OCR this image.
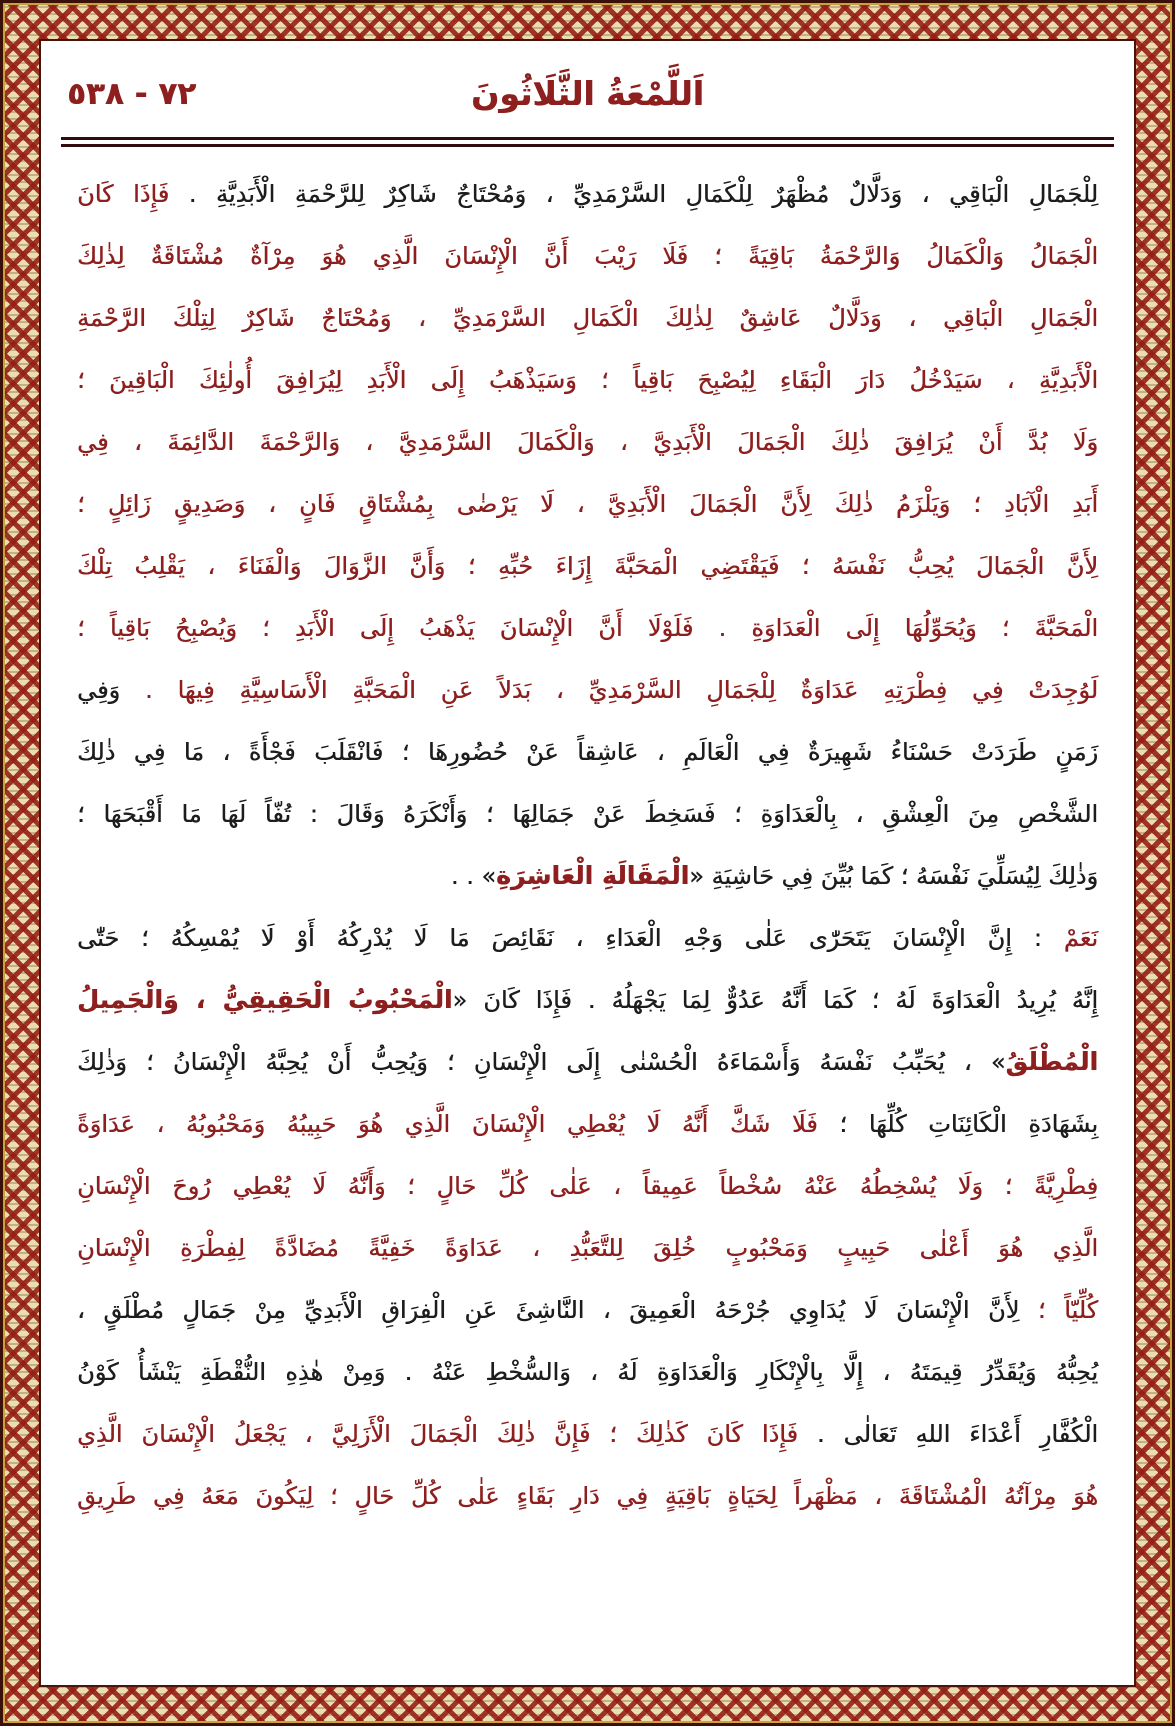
٧٢ - ٥٣٨	اَللَّمْعَةُ الثَّلَاثُونَ
لِلْجَمَالِ الْبَاقِي ، وَدَلَّالٌ مُظْهَرٌ لِلْكَمَالِ السَّرْمَدِيِّ ، وَمُحْتَاجٌ شَاكِرٌ لِلرَّحْمَةِ الْأَبَدِيَّةِ . فَإِذَا كَانَ
الْجَمَالُ وَالْكَمَالُ وَالرَّحْمَةُ بَاقِيَةً ؛ فَلَا رَيْبَ أَنَّ الْإِنْسَانَ الَّذِي هُوَ مِرْآةٌ مُشْتَاقَةٌ لِذٰلِكَ
الْجَمَالِ الْبَاقِي ، وَدَلَّالٌ عَاشِقٌ لِذٰلِكَ الْكَمَالِ السَّرْمَدِيِّ ، وَمُحْتَاجٌ شَاكِرٌ لِتِلْكَ الرَّحْمَةِ
الْأَبَدِيَّةِ ، سَيَدْخُلُ دَارَ الْبَقَاءِ لِيُصْبِحَ بَاقِياً ؛ وَسَيَذْهَبُ إِلَى الْأَبَدِ لِيُرَافِقَ أُولٰئِكَ الْبَاقِينَ ؛
وَلَا بُدَّ أَنْ يُرَافِقَ ذٰلِكَ الْجَمَالَ الْأَبَدِيَّ ، وَالْكَمَالَ السَّرْمَدِيَّ ، وَالرَّحْمَةَ الدَّائِمَةَ ، فِي
أَبَدِ الْآبَادِ ؛ وَيَلْزَمُ ذٰلِكَ لِأَنَّ الْجَمَالَ الْأَبَدِيَّ ، لَا يَرْضٰى بِمُشْتَاقٍ فَانٍ ، وَصَدِيقٍ زَائِلٍ ؛
لِأَنَّ الْجَمَالَ يُحِبُّ نَفْسَهُ ؛ فَيَقْتَضِي الْمَحَبَّةَ إِزَاءَ حُبِّهِ ؛ وَأَنَّ الزَّوَالَ وَالْفَنَاءَ ، يَقْلِبُ تِلْكَ
الْمَحَبَّةَ ؛ وَيُحَوِّلُهَا إِلَى الْعَدَاوَةِ . فَلَوْلَا أَنَّ الْإِنْسَانَ يَذْهَبُ إِلَى الْأَبَدِ ؛ وَيُصْبِحُ بَاقِياً ؛
لَوُجِدَتْ فِي فِطْرَتِهِ عَدَاوَةٌ لِلْجَمَالِ السَّرْمَدِيِّ ، بَدَلاً عَنِ الْمَحَبَّةِ الْأَسَاسِيَّةِ فِيهَا . وَفِي
زَمَنٍ طَرَدَتْ حَسْنَاءُ شَهِيرَةٌ فِي الْعَالَمِ ، عَاشِقاً عَنْ حُضُورِهَا ؛ فَانْقَلَبَ فَجْأَةً ، مَا فِي ذٰلِكَ
الشَّخْصِ مِنَ الْعِشْقِ ، بِالْعَدَاوَةِ ؛ فَسَخِطَ عَنْ جَمَالِهَا ؛ وَأَنْكَرَهُ وَقَالَ : تُفّاً لَهَا مَا أَقْبَحَهَا ؛
وَذٰلِكَ لِيُسَلِّيَ نَفْسَهُ ؛ كَمَا بُيِّنَ فِي حَاشِيَةِ «الْمَقَالَةِ الْعَاشِرَةِ» . .
نَعَمْ : إِنَّ الْإِنْسَانَ يَتَحَرّٰى عَلٰى وَجْهِ الْعَدَاءِ ، نَقَائِصَ مَا لَا يُدْرِكُهُ أَوْ لَا يُمْسِكُهُ ؛ حَتّٰى
إِنَّهُ يُرِيدُ الْعَدَاوَةَ لَهُ ؛ كَمَا أَنَّهُ عَدُوٌّ لِمَا يَجْهَلُهُ . فَإِذَا كَانَ «الْمَحْبُوبُ الْحَقِيقِيُّ ، وَالْجَمِيلُ
الْمُطْلَقُ» ، يُحَبِّبُ نَفْسَهُ وَأَسْمَاءَهُ الْحُسْنٰى إِلَى الْإِنْسَانِ ؛ وَيُحِبُّ أَنْ يُحِبَّهُ الْإِنْسَانُ ؛ وَذٰلِكَ
بِشَهَادَةِ الْكَائِنَاتِ كُلِّهَا ؛ فَلَا شَكَّ أَنَّهُ لَا يُعْطِي الْإِنْسَانَ الَّذِي هُوَ حَبِيبُهُ وَمَحْبُوبُهُ ، عَدَاوَةً
فِطْرِيَّةً ؛ وَلَا يُسْخِطُهُ عَنْهُ سُخْطاً عَمِيقاً ، عَلٰى كُلِّ حَالٍ ؛ وَأَنَّهُ لَا يُعْطِي رُوحَ الْإِنْسَانِ
الَّذِي هُوَ أَعْلٰى حَبِيبٍ وَمَحْبُوبٍ خُلِقَ لِلتَّعَبُّدِ ، عَدَاوَةً خَفِيَّةً مُضَادَّةً لِفِطْرَةِ الْإِنْسَانِ
كُلِّيّاً ؛ لِأَنَّ الْإِنْسَانَ لَا يُدَاوِي جُرْحَهُ الْعَمِيقَ ، النَّاشِئَ عَنِ الْفِرَاقِ الْأَبَدِيِّ مِنْ جَمَالٍ مُطْلَقٍ ،
يُحِبُّهُ وَيُقَدِّرُ قِيمَتَهُ ، إِلَّا بِالْإِنْكَارِ وَالْعَدَاوَةِ لَهُ ، وَالسُّخْطِ عَنْهُ . وَمِنْ هٰذِهِ النُّقْطَةِ يَنْشَأُ كَوْنُ
الْكُفَّارِ أَعْدَاءَ اللهِ تَعَالٰى . فَإِذَا كَانَ كَذٰلِكَ ؛ فَإِنَّ ذٰلِكَ الْجَمَالَ الْأَزَلِيَّ ، يَجْعَلُ الْإِنْسَانَ الَّذِي
هُوَ مِرْآتُهُ الْمُشْتَاقَةَ ، مَظْهَراً لِحَيَاةٍ بَاقِيَةٍ فِي دَارِ بَقَاءٍ عَلٰى كُلِّ حَالٍ ؛ لِيَكُونَ مَعَهُ فِي طَرِيقِ
